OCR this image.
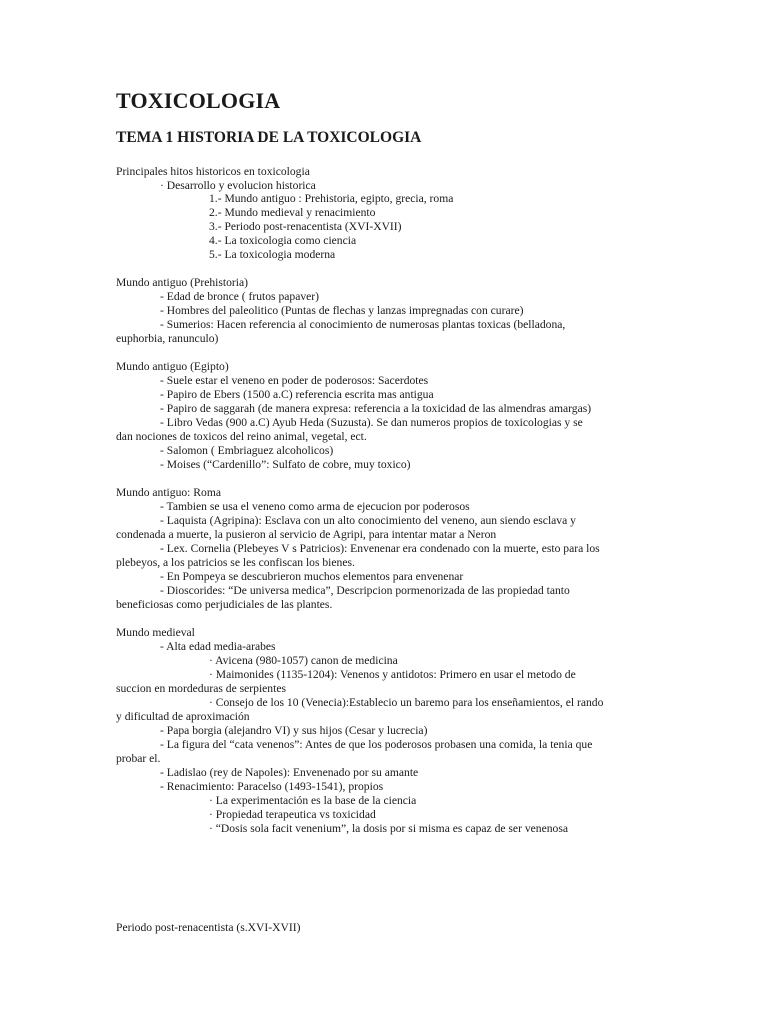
TOXICOLOGIA
TEMA 1 HISTORIA DE LA TOXICOLOGIA
Principales hitos historicos en toxicologia
· Desarrollo y evolucion historica
1.- Mundo antiguo : Prehistoria, egipto, grecia, roma
2.- Mundo medieval y renacimiento
3.- Periodo post-renacentista (XVI-XVII)
4.- La toxicologia como ciencia
5.- La toxicologia moderna
Mundo antiguo (Prehistoria)
- Edad de bronce ( frutos papaver)
- Hombres del paleolitico (Puntas de flechas y lanzas impregnadas con curare)
- Sumerios: Hacen referencia al conocimiento de numerosas plantas toxicas (belladona,
euphorbia, ranunculo)
Mundo antiguo (Egipto)
- Suele estar el veneno en poder de poderosos: Sacerdotes
- Papiro de Ebers (1500 a.C) referencia escrita mas antigua
- Papiro de saggarah (de manera expresa: referencia a la toxicidad de las almendras amargas)
- Libro Vedas (900 a.C) Ayub Heda (Suzusta). Se dan numeros propios de toxicologias y se
dan nociones de toxicos del reino animal, vegetal, ect.
- Salomon ( Embriaguez alcoholicos)
- Moises (“Cardenillo”: Sulfato de cobre, muy toxico)
Mundo antiguo: Roma
- Tambien se usa el veneno como arma de ejecucion por poderosos
- Laquista (Agripina): Esclava con un alto conocimiento del veneno, aun siendo esclava y
condenada a muerte, la pusieron al servicio de Agripi, para intentar matar a Neron
- Lex. Cornelia (Plebeyes V s Patricios): Envenenar era condenado con la muerte, esto para los
plebeyos, a los patricios se les confiscan los bienes.
- En Pompeya se descubrieron muchos elementos para envenenar
- Dioscorides: “De universa medica”, Descripcion pormenorizada de las propiedad tanto
beneficiosas como perjudiciales de las plantes.
Mundo medieval
- Alta edad media-arabes
· Avicena (980-1057) canon de medicina
· Maimonides (1135-1204): Venenos y antidotos: Primero en usar el metodo de
succion en mordeduras de serpientes
· Consejo de los 10 (Venecia):Establecio un baremo para los enseñamientos, el rando
y dificultad de aproximación
- Papa borgia (alejandro VI) y sus hijos (Cesar y lucrecia)
- La figura del “cata venenos”: Antes de que los poderosos probasen una comida, la tenia que
probar el.
- Ladislao (rey de Napoles): Envenenado por su amante
- Renacimiento: Paracelso (1493-1541), propios
· La experimentación es la base de la ciencia
· Propiedad terapeutica vs toxicidad
· “Dosis sola facit venenium”, la dosis por si misma es capaz de ser venenosa
Periodo post-renacentista (s.XVI-XVII)
